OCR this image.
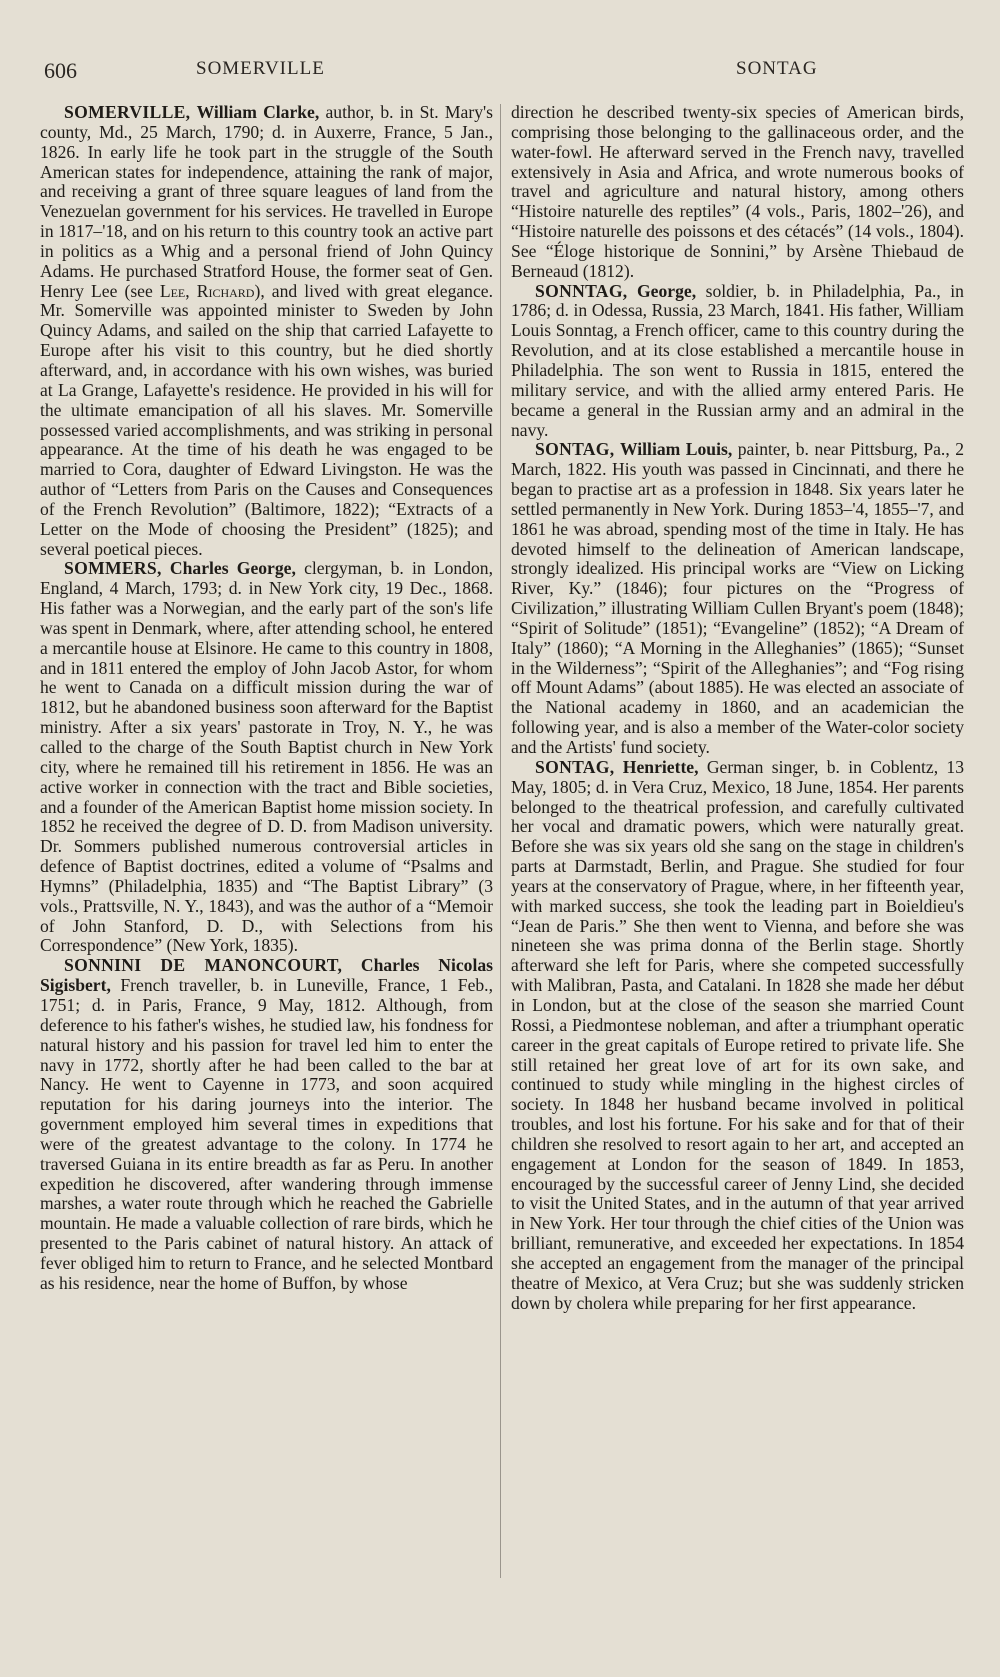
606	SOMERVILLE	SONTAG

SOMERVILLE, William Clarke, author, b. in St. Mary's county, Md., 25 March, 1790; d. in Auxerre, France, 5 Jan., 1826. In early life he took part in the struggle of the South American states for independence, attaining the rank of major, and receiving a grant of three square leagues of land from the Venezuelan government for his services. He travelled in Europe in 1817–'18, and on his return to this country took an active part in politics as a Whig and a personal friend of John Quincy Adams. He purchased Stratford House, the former seat of Gen. Henry Lee (see Lee, Richard), and lived with great elegance. Mr. Somerville was appointed minister to Sweden by John Quincy Adams, and sailed on the ship that carried Lafayette to Europe after his visit to this country, but he died shortly afterward, and, in accordance with his own wishes, was buried at La Grange, Lafayette's residence. He provided in his will for the ultimate emancipation of all his slaves. Mr. Somerville possessed varied accomplishments, and was striking in personal appearance. At the time of his death he was engaged to be married to Cora, daughter of Edward Livingston. He was the author of “Letters from Paris on the Causes and Consequences of the French Revolution” (Baltimore, 1822); “Extracts of a Letter on the Mode of choosing the President” (1825); and several poetical pieces.

SOMMERS, Charles George, clergyman, b. in London, England, 4 March, 1793; d. in New York city, 19 Dec., 1868. His father was a Norwegian, and the early part of the son's life was spent in Denmark, where, after attending school, he entered a mercantile house at Elsinore. He came to this country in 1808, and in 1811 entered the employ of John Jacob Astor, for whom he went to Canada on a difficult mission during the war of 1812, but he abandoned business soon afterward for the Baptist ministry. After a six years' pastorate in Troy, N. Y., he was called to the charge of the South Baptist church in New York city, where he remained till his retirement in 1856. He was an active worker in connection with the tract and Bible societies, and a founder of the American Baptist home mission society. In 1852 he received the degree of D. D. from Madison university. Dr. Sommers published numerous controversial articles in defence of Baptist doctrines, edited a volume of “Psalms and Hymns” (Philadelphia, 1835) and “The Baptist Library” (3 vols., Prattsville, N. Y., 1843), and was the author of a “Memoir of John Stanford, D. D., with Selections from his Correspondence” (New York, 1835).

SONNINI DE MANONCOURT, Charles Nicolas Sigisbert, French traveller, b. in Luneville, France, 1 Feb., 1751; d. in Paris, France, 9 May, 1812. Although, from deference to his father's wishes, he studied law, his fondness for natural history and his passion for travel led him to enter the navy in 1772, shortly after he had been called to the bar at Nancy. He went to Cayenne in 1773, and soon acquired reputation for his daring journeys into the interior. The government employed him several times in expeditions that were of the greatest advantage to the colony. In 1774 he traversed Guiana in its entire breadth as far as Peru. In another expedition he discovered, after wandering through immense marshes, a water route through which he reached the Gabrielle mountain. He made a valuable collection of rare birds, which he presented to the Paris cabinet of natural history. An attack of fever obliged him to return to France, and he selected Montbard as his residence, near the home of Buffon, by whose

direction he described twenty-six species of American birds, comprising those belonging to the gallinaceous order, and the water-fowl. He afterward served in the French navy, travelled extensively in Asia and Africa, and wrote numerous books of travel and agriculture and natural history, among others “Histoire naturelle des reptiles” (4 vols., Paris, 1802–'26), and “Histoire naturelle des poissons et des cétacés” (14 vols., 1804). See “Éloge historique de Sonnini,” by Arsène Thiebaud de Berneaud (1812).

SONNTAG, George, soldier, b. in Philadelphia, Pa., in 1786; d. in Odessa, Russia, 23 March, 1841. His father, William Louis Sonntag, a French officer, came to this country during the Revolution, and at its close established a mercantile house in Philadelphia. The son went to Russia in 1815, entered the military service, and with the allied army entered Paris. He became a general in the Russian army and an admiral in the navy.

SONTAG, William Louis, painter, b. near Pittsburg, Pa., 2 March, 1822. His youth was passed in Cincinnati, and there he began to practise art as a profession in 1848. Six years later he settled permanently in New York. During 1853–'4, 1855–'7, and 1861 he was abroad, spending most of the time in Italy. He has devoted himself to the delineation of American landscape, strongly idealized. His principal works are “View on Licking River, Ky.” (1846); four pictures on the “Progress of Civilization,” illustrating William Cullen Bryant's poem (1848); “Spirit of Solitude” (1851); “Evangeline” (1852); “A Dream of Italy” (1860); “A Morning in the Alleghanies” (1865); “Sunset in the Wilderness”; “Spirit of the Alleghanies”; and “Fog rising off Mount Adams” (about 1885). He was elected an associate of the National academy in 1860, and an academician the following year, and is also a member of the Water-color society and the Artists' fund society.

SONTAG, Henriette, German singer, b. in Coblentz, 13 May, 1805; d. in Vera Cruz, Mexico, 18 June, 1854. Her parents belonged to the theatrical profession, and carefully cultivated her vocal and dramatic powers, which were naturally great. Before she was six years old she sang on the stage in children's parts at Darmstadt, Berlin, and Prague. She studied for four years at the conservatory of Prague, where, in her fifteenth year, with marked success, she took the leading part in Boieldieu's “Jean de Paris.” She then went to Vienna, and before she was nineteen she was prima donna of the Berlin stage. Shortly afterward she left for Paris, where she competed successfully with Malibran, Pasta, and Catalani. In 1828 she made her début in London, but at the close of the season she married Count Rossi, a Piedmontese nobleman, and after a triumphant operatic career in the great capitals of Europe retired to private life. She still retained her great love of art for its own sake, and continued to study while mingling in the highest circles of society. In 1848 her husband became involved in political troubles, and lost his fortune. For his sake and for that of their children she resolved to resort again to her art, and accepted an engagement at London for the season of 1849. In 1853, encouraged by the successful career of Jenny Lind, she decided to visit the United States, and in the autumn of that year arrived in New York. Her tour through the chief cities of the Union was brilliant, remunerative, and exceeded her expectations. In 1854 she accepted an engagement from the manager of the principal theatre of Mexico, at Vera Cruz; but she was suddenly stricken down by cholera while preparing for her first appearance.
